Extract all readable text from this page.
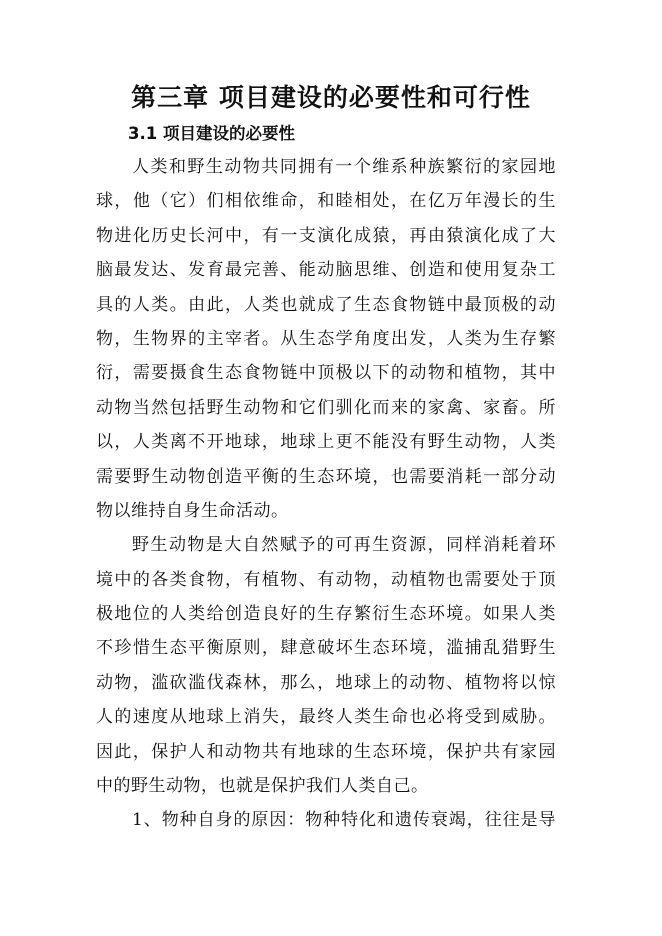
第三章 项目建设的必要性和可行性
3.1 项目建设的必要性
人类和野生动物共同拥有一个维系种族繁衍的家园地
球，他（它）们相依维命，和睦相处，在亿万年漫长的生
物进化历史长河中，有一支演化成猿，再由猿演化成了大
脑最发达、发育最完善、能动脑思维、创造和使用复杂工
具的人类。由此，人类也就成了生态食物链中最顶极的动
物，生物界的主宰者。从生态学角度出发，人类为生存繁
衍，需要摄食生态食物链中顶极以下的动物和植物，其中
动物当然包括野生动物和它们驯化而来的家禽、家畜。所
以，人类离不开地球，地球上更不能没有野生动物，人类
需要野生动物创造平衡的生态环境，也需要消耗一部分动
物以维持自身生命活动。
野生动物是大自然赋予的可再生资源，同样消耗着环
境中的各类食物，有植物、有动物，动植物也需要处于顶
极地位的人类给创造良好的生存繁衍生态环境。如果人类
不珍惜生态平衡原则，肆意破坏生态环境，滥捕乱猎野生
动物，滥砍滥伐森林，那么，地球上的动物、植物将以惊
人的速度从地球上消失，最终人类生命也必将受到威胁。
因此，保护人和动物共有地球的生态环境，保护共有家园
中的野生动物，也就是保护我们人类自己。
1、物种自身的原因：物种特化和遗传衰竭，往往是导
